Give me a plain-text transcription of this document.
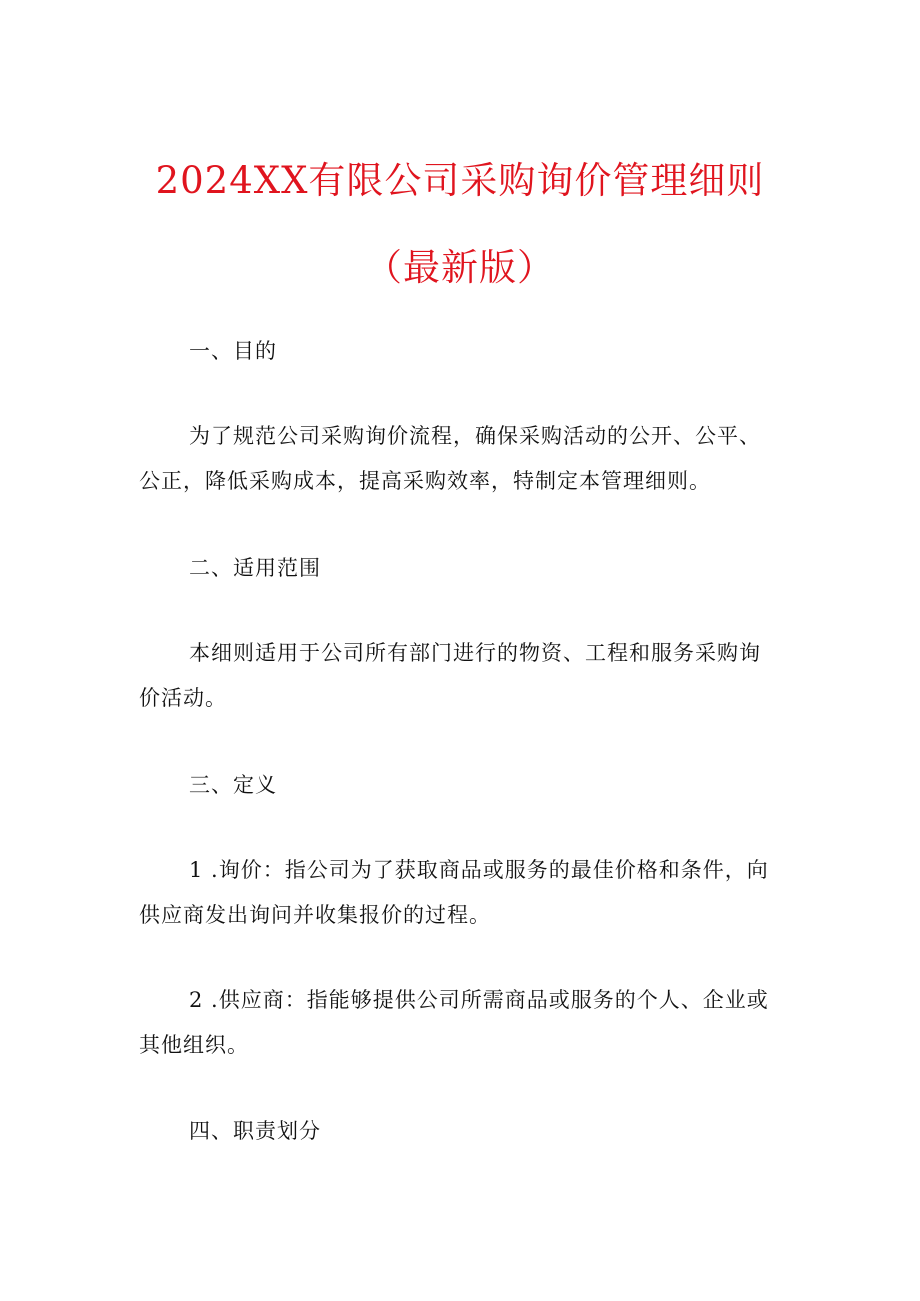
2024XX有限公司采购询价管理细则
（最新版）
一、目的
为了规范公司采购询价流程，确保采购活动的公开、公平、
公正，降低采购成本，提高采购效率，特制定本管理细则。
二、适用范围
本细则适用于公司所有部门进行的物资、工程和服务采购询
价活动。
三、定义
1 .询价：指公司为了获取商品或服务的最佳价格和条件，向
供应商发出询问并收集报价的过程。
2 .供应商：指能够提供公司所需商品或服务的个人、企业或
其他组织。
四、职责划分
